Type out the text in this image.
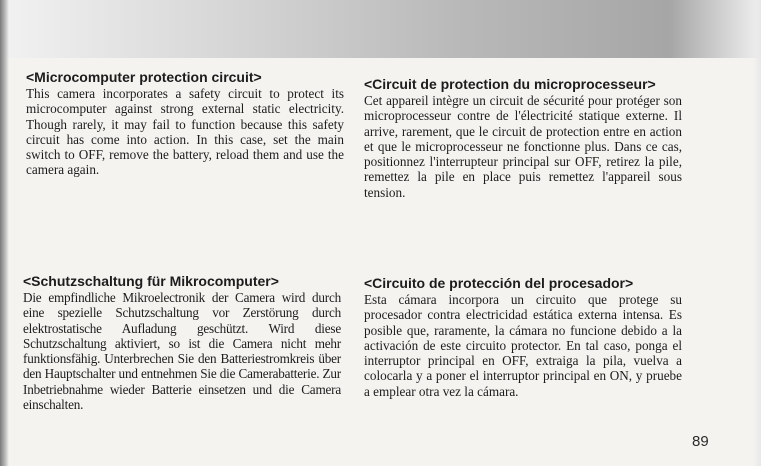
<Microcomputer protection circuit>

This camera incorporates a safety circuit to protect its microcomputer against strong external static electricity. Though rarely, it may fail to function because this safety circuit has come into action. In this case, set the main switch to OFF, remove the battery, reload them and use the camera again.

<Circuit de protection du microprocesseur>

Cet appareil intègre un circuit de sécurité pour protéger son microprocesseur contre de l'électricité statique externe. Il arrive, rarement, que le circuit de protection entre en action et que le microprocesseur ne fonctionne plus. Dans ce cas, positionnez l'interrupteur principal sur OFF, retirez la pile, remettez la pile en place puis remettez l'appareil sous tension.

<Schutzschaltung für Mikrocomputer>

Die empfindliche Mikroelectronik der Camera wird durch eine spezielle Schutzschaltung vor Zerstörung durch elektrostatische Aufladung geschützt. Wird diese Schutzschaltung aktiviert, so ist die Camera nicht mehr funktionsfähig. Unterbrechen Sie den Batteriestromkreis über den Hauptschalter und entnehmen Sie die Camerabatterie. Zur Inbetriebnahme wieder Batterie einsetzen und die Camera einschalten.

<Circuito de protección del procesador>

Esta cámara incorpora un circuito que protege su procesador contra electricidad estática externa intensa. Es posible que, raramente, la cámara no funcione debido a la activación de este circuito protector. En tal caso, ponga el interruptor principal en OFF, extraiga la pila, vuelva a colocarla y a poner el interruptor principal en ON, y pruebe a emplear otra vez la cámara.

89
